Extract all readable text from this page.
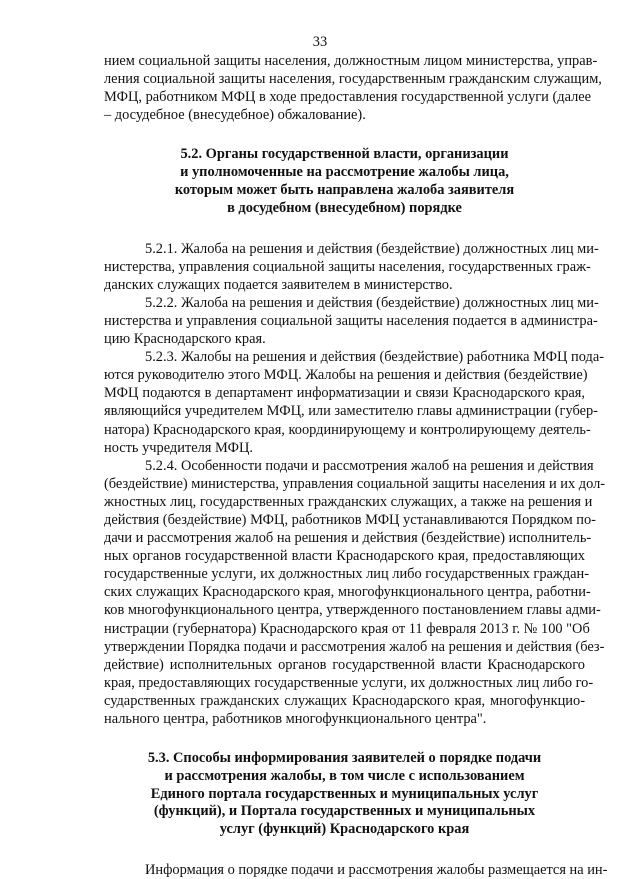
33
нием социальной защиты населения, должностным лицом министерства, управ-
ления социальной защиты населения, государственным гражданским служащим,
МФЦ, работником МФЦ в ходе предоставления государственной услуги (далее
– досудебное (внесудебное) обжалование).
5.2. Органы государственной власти, организации
и уполномоченные на рассмотрение жалобы лица,
которым может быть направлена жалоба заявителя
в досудебном (внесудебном) порядке
5.2.1. Жалоба на решения и действия (бездействие) должностных лиц ми-
нистерства, управления социальной защиты населения, государственных граж-
данских служащих подается заявителем в министерство.
5.2.2. Жалоба на решения и действия (бездействие) должностных лиц ми-
нистерства и управления социальной защиты населения подается в администра-
цию Краснодарского края.
5.2.3. Жалобы на решения и действия (бездействие) работника МФЦ пода-
ются руководителю этого МФЦ. Жалобы на решения и действия (бездействие)
МФЦ подаются в департамент информатизации и связи Краснодарского края,
являющийся учредителем МФЦ, или заместителю главы администрации (губер-
натора) Краснодарского края, координирующему и контролирующему деятель-
ность учредителя МФЦ.
5.2.4. Особенности подачи и рассмотрения жалоб на решения и действия
(бездействие) министерства, управления социальной защиты населения и их дол-
жностных лиц, государственных гражданских служащих, а также на решения и
действия (бездействие) МФЦ, работников МФЦ устанавливаются Порядком по-
дачи и рассмотрения жалоб на решения и действия (бездействие) исполнитель-
ных органов государственной власти Краснодарского края, предоставляющих
государственные услуги, их должностных лиц либо государственных граждан-
ских служащих Краснодарского края, многофункционального центра, работни-
ков многофункционального центра, утвержденного постановлением главы адми-
нистрации (губернатора) Краснодарского края от 11 февраля 2013 г. № 100 "Об
утверждении Порядка подачи и рассмотрения жалоб на решения и действия (без-
действие) исполнительных органов государственной власти Краснодарского
края, предоставляющих государственные услуги, их должностных лиц либо го-
сударственных гражданских служащих Краснодарского края, многофункцио-
нального центра, работников многофункционального центра".
5.3. Способы информирования заявителей о порядке подачи
и рассмотрения жалобы, в том числе с использованием
Единого портала государственных и муниципальных услуг
(функций), и Портала государственных и муниципальных
услуг (функций) Краснодарского края
Информация о порядке подачи и рассмотрения жалобы размещается на ин-
